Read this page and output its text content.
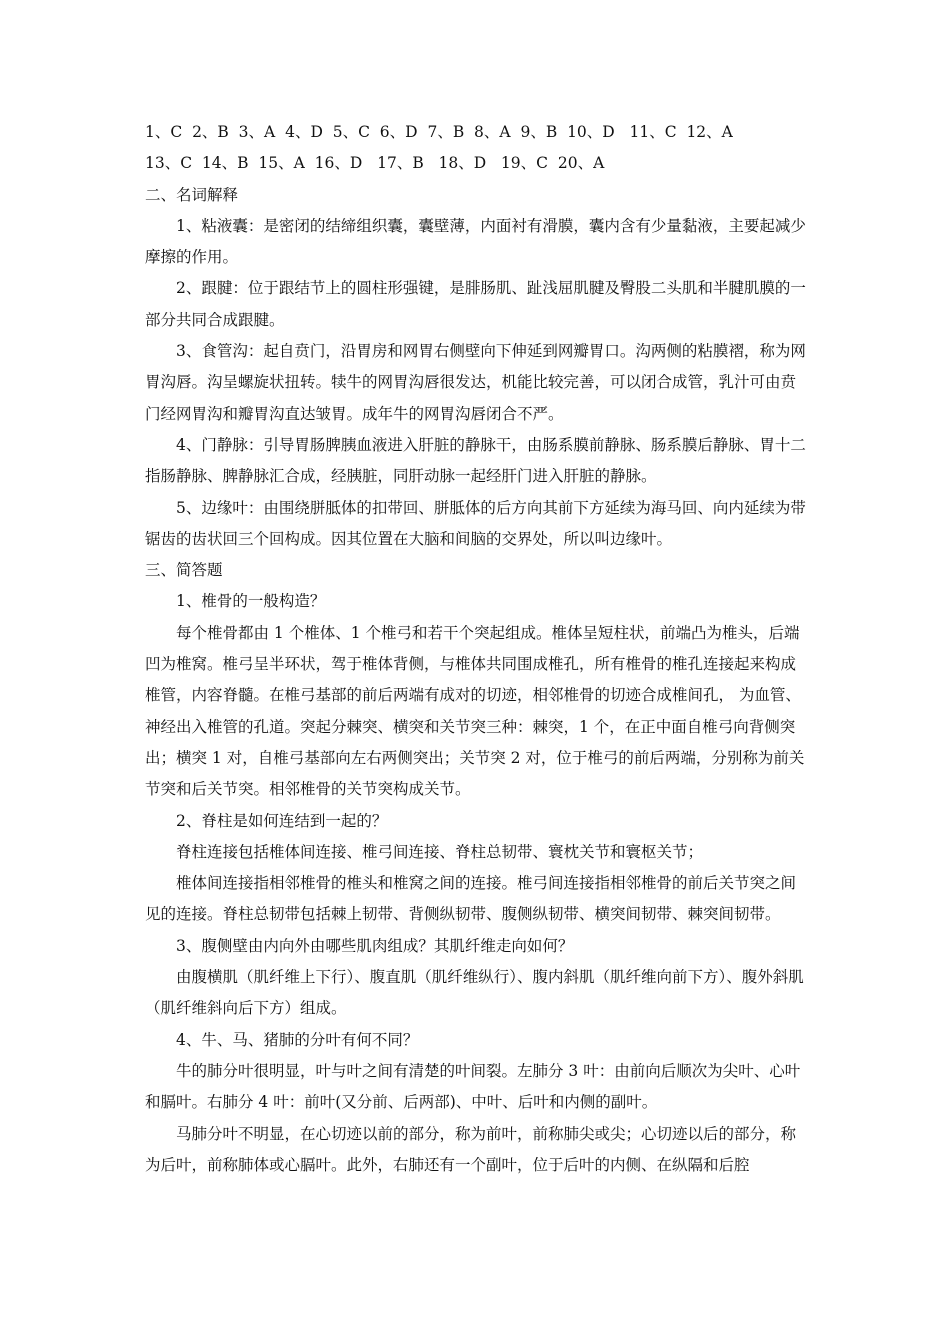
1、C  2、B  3、A  4、D  5、C  6、D  7、B  8、A  9、B  10、D   11、C  12、A

13、C  14、B  15、A  16、D   17、B   18、D   19、C  20、A

二、名词解释

1、粘液囊：是密闭的结缔组织囊，囊壁薄，内面衬有滑膜，囊内含有少量黏液，主要起减少摩擦的作用。

2、跟腱：位于跟结节上的圆柱形强键，是腓肠肌、趾浅屈肌腱及臀股二头肌和半腱肌膜的一部分共同合成跟腱。

3、食管沟：起自贲门，沿胃房和网胃右侧壁向下伸延到网瓣胃口。沟两侧的粘膜褶，称为网胃沟唇。沟呈螺旋状扭转。犊牛的网胃沟唇很发达，机能比较完善，可以闭合成管，乳汁可由贲门经网胃沟和瓣胃沟直达皱胃。成年牛的网胃沟唇闭合不严。

4、门静脉：引导胃肠脾胰血液进入肝脏的静脉干，由肠系膜前静脉、肠系膜后静脉、胃十二指肠静脉、脾静脉汇合成，经胰脏，同肝动脉一起经肝门进入肝脏的静脉。

5、边缘叶：由围绕胼胝体的扣带回、胼胝体的后方向其前下方延续为海马回、向内延续为带锯齿的齿状回三个回构成。因其位置在大脑和间脑的交界处，所以叫边缘叶。

三、简答题

1、椎骨的一般构造？

每个椎骨都由 1 个椎体、1 个椎弓和若干个突起组成。椎体呈短柱状，前端凸为椎头，后端凹为椎窝。椎弓呈半环状，驾于椎体背侧，与椎体共同围成椎孔，所有椎骨的椎孔连接起来构成椎管，内容脊髓。在椎弓基部的前后两端有成对的切迹，相邻椎骨的切迹合成椎间孔， 为血管、神经出入椎管的孔道。突起分棘突、横突和关节突三种：棘突，1 个，在正中面自椎弓向背侧突出；横突 1 对，自椎弓基部向左右两侧突出；关节突 2 对，位于椎弓的前后两端，分别称为前关节突和后关节突。相邻椎骨的关节突构成关节。

2、脊柱是如何连结到一起的？

脊柱连接包括椎体间连接、椎弓间连接、脊柱总韧带、寰枕关节和寰枢关节；

椎体间连接指相邻椎骨的椎头和椎窝之间的连接。椎弓间连接指相邻椎骨的前后关节突之间见的连接。脊柱总韧带包括棘上韧带、背侧纵韧带、腹侧纵韧带、横突间韧带、棘突间韧带。

3、腹侧壁由内向外由哪些肌肉组成？其肌纤维走向如何？

由腹横肌（肌纤维上下行）、腹直肌（肌纤维纵行）、腹内斜肌（肌纤维向前下方）、腹外斜肌（肌纤维斜向后下方）组成。

4、牛、马、猪肺的分叶有何不同？

牛的肺分叶很明显，叶与叶之间有清楚的叶间裂。左肺分 3 叶：由前向后顺次为尖叶、心叶和膈叶。右肺分 4 叶：前叶(又分前、后两部)、中叶、后叶和内侧的副叶。

马肺分叶不明显，在心切迹以前的部分，称为前叶，前称肺尖或尖；心切迹以后的部分，称为后叶，前称肺体或心膈叶。此外，右肺还有一个副叶，位于后叶的内侧、在纵隔和后腔
